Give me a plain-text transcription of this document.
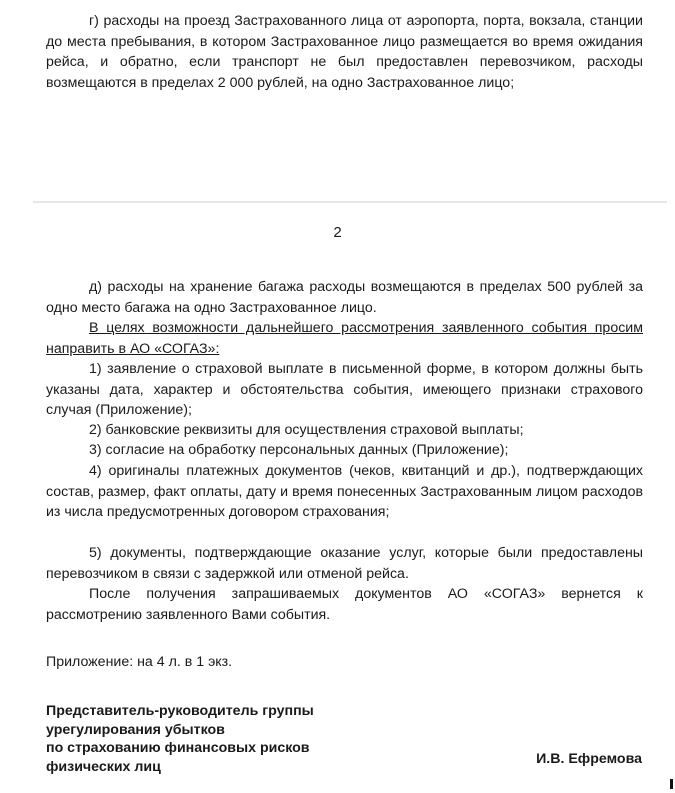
г) расходы на проезд Застрахованного лица от аэропорта, порта, вокзала, станции до места пребывания, в котором Застрахованное лицо размещается во время ожидания рейса, и обратно, если транспорт не был предоставлен перевозчиком, расходы возмещаются в пределах 2 000 рублей, на одно Застрахованное лицо;

2

д) расходы на хранение багажа расходы возмещаются в пределах 500 рублей за одно место багажа на одно Застрахованное лицо.

В целях возможности дальнейшего рассмотрения заявленного события просим направить в АО «СОГАЗ»:

1) заявление о страховой выплате в письменной форме, в котором должны быть указаны дата, характер и обстоятельства события, имеющего признаки страхового случая (Приложение);

2) банковские реквизиты для осуществления страховой выплаты;

3) согласие на обработку персональных данных (Приложение);

4) оригиналы платежных документов (чеков, квитанций и др.), подтверждающих состав, размер, факт оплаты, дату и время понесенных Застрахованным лицом расходов из числа предусмотренных договором страхования;

5) документы, подтверждающие оказание услуг, которые были предоставлены перевозчиком в связи с задержкой или отменой рейса.

После получения запрашиваемых документов АО «СОГАЗ» вернется к рассмотрению заявленного Вами события.

Приложение: на 4 л. в 1 экз.

Представитель-руководитель группы
урегулирования убытков
по страхованию финансовых рисков
физических лиц	И.В. Ефремова
